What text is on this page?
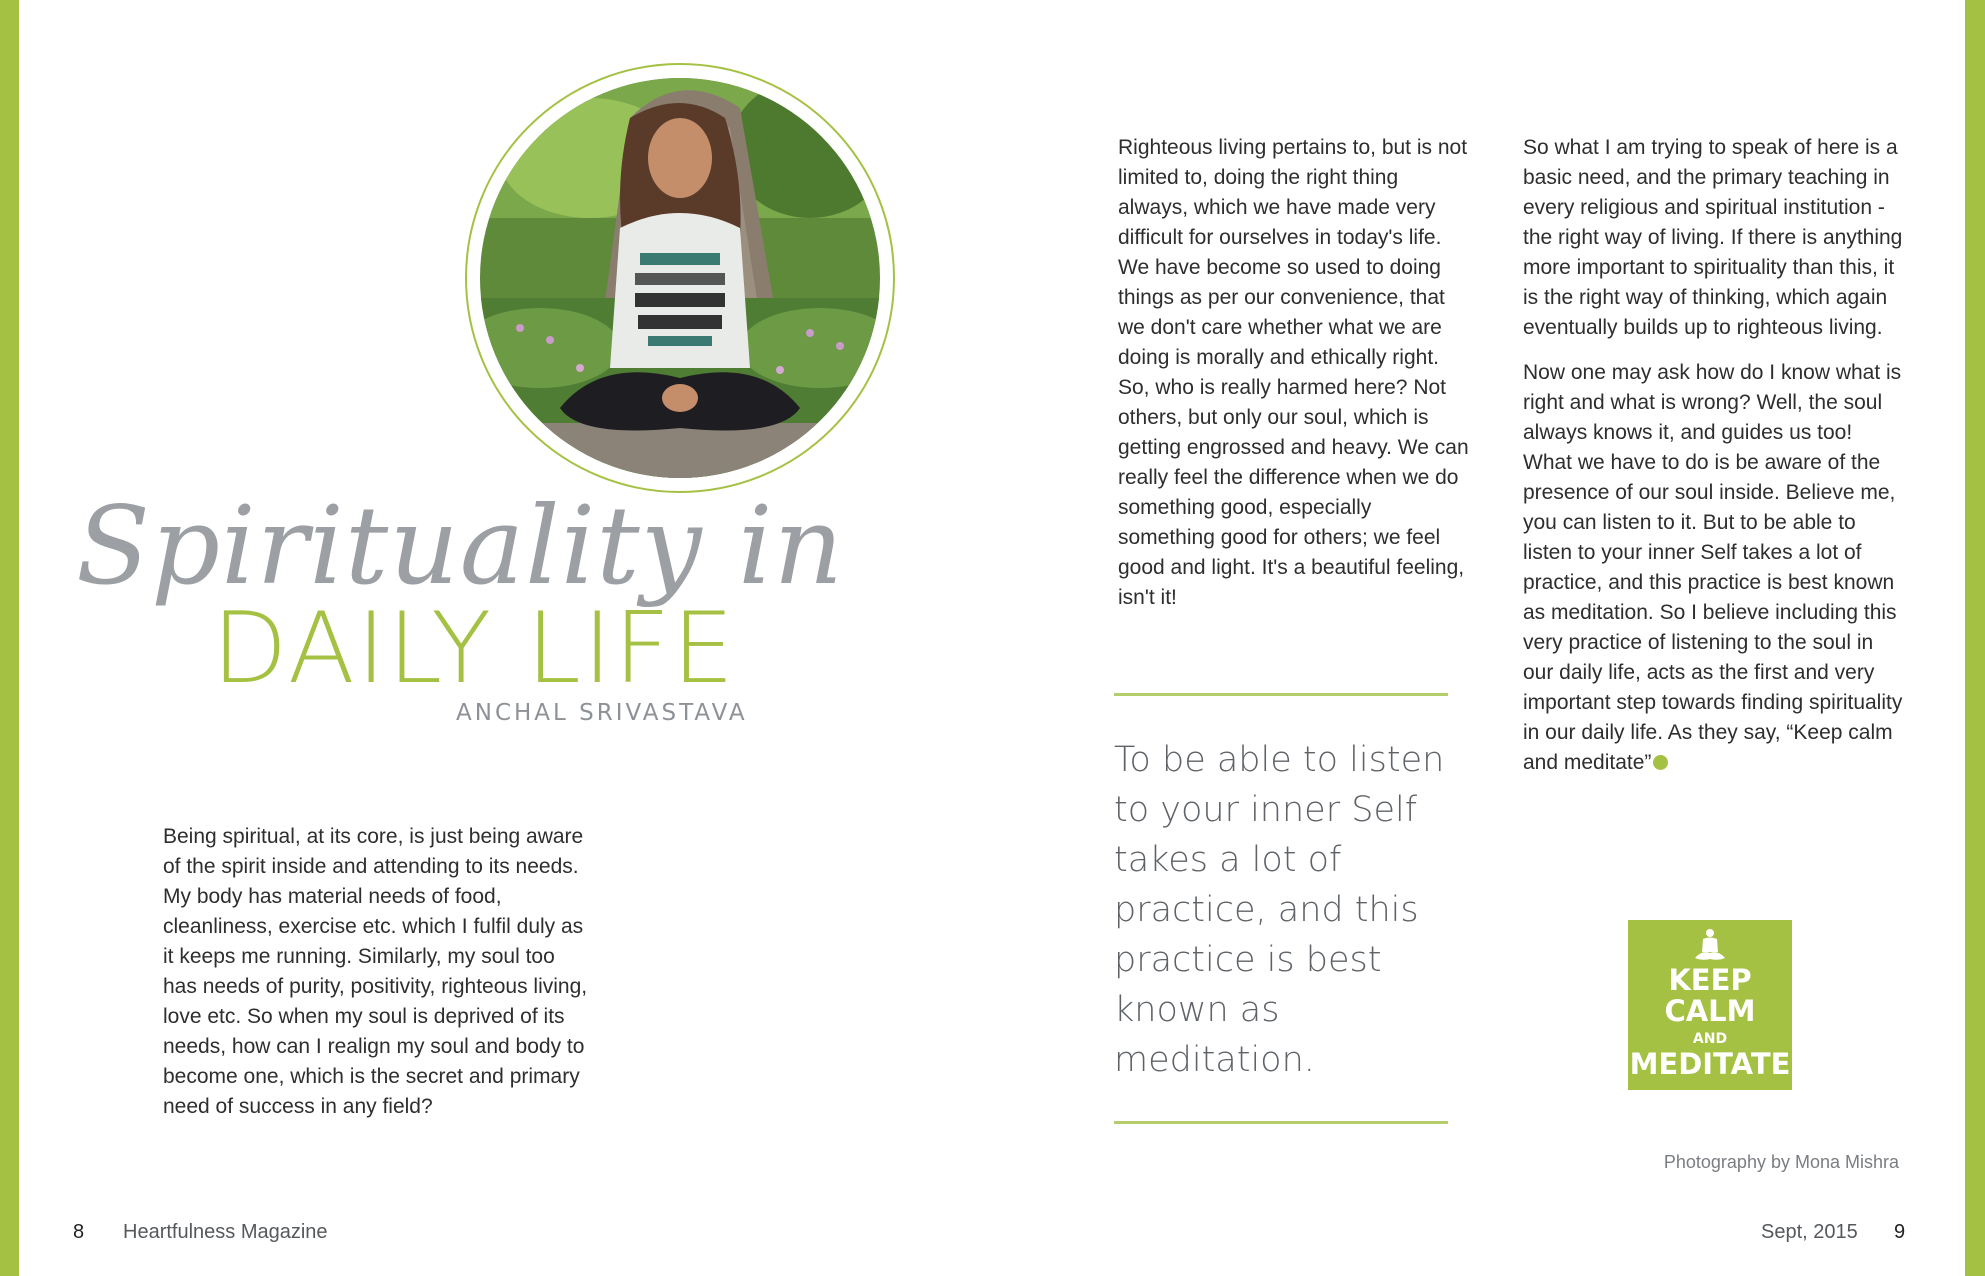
Spirituality in
DAILY LIFE
ANCHAL SRIVASTAVA

Being spiritual, at its core, is just being aware of the spirit inside and attending to its needs. My body has material needs of food, cleanliness, exercise etc. which I fulfil duly as it keeps me running. Similarly, my soul too has needs of purity, positivity, righteous living, love etc. So when my soul is deprived of its needs, how can I realign my soul and body to become one, which is the secret and primary need of success in any field?

Righteous living pertains to, but is not limited to, doing the right thing always, which we have made very difficult for ourselves in today's life. We have become so used to doing things as per our convenience, that we don't care whether what we are doing is morally and ethically right. So, who is really harmed here? Not others, but only our soul, which is getting engrossed and heavy. We can really feel the difference when we do something good, especially something good for others; we feel good and light. It's a beautiful feeling, isn't it!

So what I am trying to speak of here is a basic need, and the primary teaching in every religious and spiritual institution - the right way of living. If there is anything more important to spirituality than this, it is the right way of thinking, which again eventually builds up to righteous living.

Now one may ask how do I know what is right and what is wrong? Well, the soul always knows it, and guides us too! What we have to do is be aware of the presence of our soul inside. Believe me, you can listen to it. But to be able to listen to your inner Self takes a lot of practice, and this practice is best known as meditation. So I believe including this very practice of listening to the soul in our daily life, acts as the first and very important step towards finding spirituality in our daily life. As they say, “Keep calm and meditate”

To be able to listen to your inner Self takes a lot of practice, and this practice is best known as meditation.
KEEP
CALM
AND
MEDITATE
Photography by Mona Mishra
8 Heartfulness Magazine	Sept, 2015 9
